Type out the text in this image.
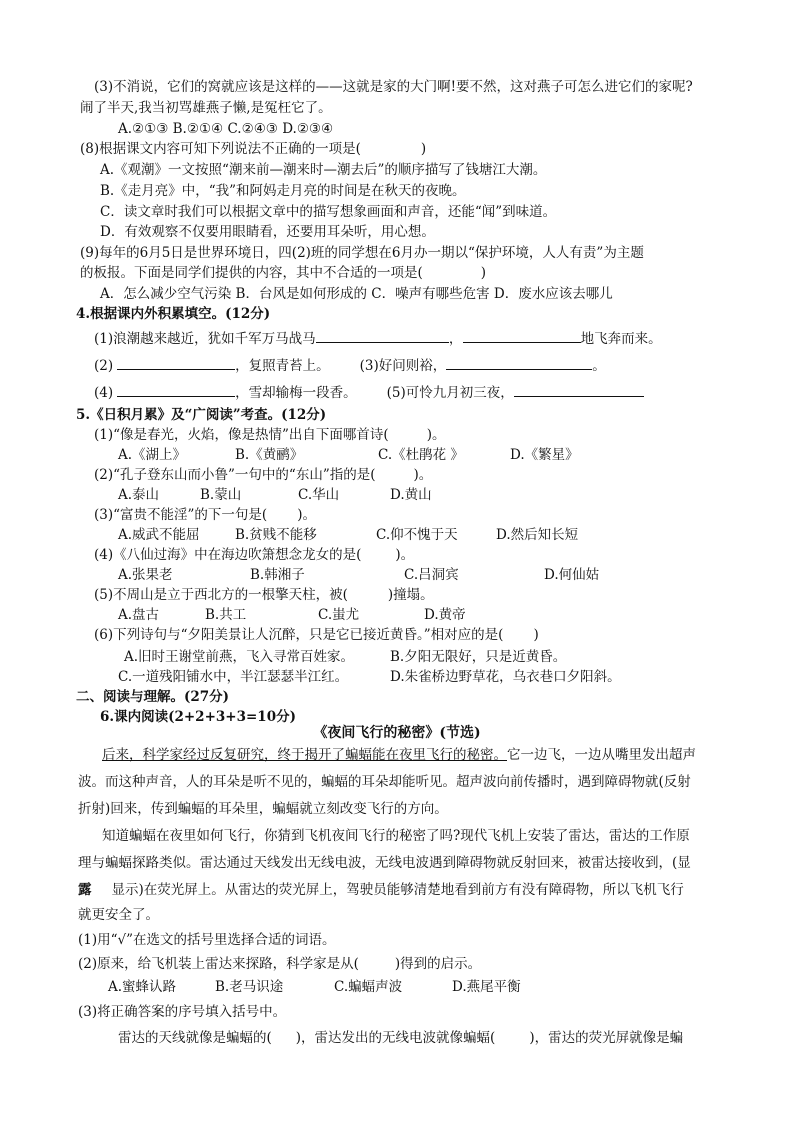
(3)不消说，它们的窝就应该是这样的——这就是家的大门啊!要不然，这对燕子可怎么进它们的家呢?
闹了半天,我当初骂雄燕子懒,是冤枉它了。
A.②①③ B.②①④ C.②④③ D.②③④
(8)根据课文内容可知下列说法不正确的一项是(	)
A.《观潮》一文按照“潮来前—潮来时—潮去后”的顺序描写了钱塘江大潮。
B.《走月亮》中，“我”和阿妈走月亮的时间是在秋天的夜晚。
C．读文章时我们可以根据文章中的描写想象画面和声音，还能“闻”到味道。
D．有效观察不仅要用眼睛看，还要用耳朵听，用心想。
(9)每年的6月5日是世界环境日，四(2)班的同学想在6月办一期以“保护环境，人人有责”为主题
的板报。下面是同学们提供的内容，其中不合适的一项是(	)
A．怎么减少空气污染 B．台风是如何形成的 C．噪声有哪些危害 D．废水应该去哪儿
4.根据课内外积累填空。(12分)
(1)浪潮越来越近，犹如千军万马战马	，	地飞奔而来。
(2)	，复照青苔上。 (3)好问则裕，	。
(4)	，雪却输梅一段香。 (5)可怜九月初三夜，
5.《日积月累》及“广阅读”考查。(12分)
(1)“像是春光，火焰，像是热情”出自下面哪首诗(	)。
A.《湖上》	B.《黄鹂》	C.《杜鹃花 》	D.《繁星》
(2)“孔子登东山而小鲁”一句中的“东山”指的是(	)。
A.泰山	B.蒙山	C.华山	D.黄山
(3)“富贵不能淫”的下一句是( )。
A.威武不能屈	B.贫贱不能移	C.仰不愧于天	D.然后知长短
(4)《八仙过海》中在海边吹箫想念龙女的是(	)。
A.张果老	B.韩湘子	C.吕洞宾	D.何仙姑
(5)不周山是立于西北方的一根擎天柱，被(	)撞塌。
A.盘古	B.共工	C.蚩尤	D.黄帝
(6)下列诗句与“夕阳美景让人沉醉，只是它已接近黄昏。”相对应的是( )
A.旧时王谢堂前燕，飞入寻常百姓家。	B.夕阳无限好，只是近黄昏。
C.一道残阳铺水中，半江瑟瑟半江红。	D.朱雀桥边野草花，乌衣巷口夕阳斜。
二、阅读与理解。(27分)
6.课内阅读(2+2+3+3=10分)
《夜间飞行的秘密》(节选)
后来，科学家经过反复研究，终于揭开了蝙蝠能在夜里飞行的秘密。它一边飞，一边从嘴里发出超声
波。而这种声音，人的耳朵是听不见的，蝙蝠的耳朵却能听见。超声波向前传播时，遇到障碍物就(反射
折射)回来，传到蝙蝠的耳朵里，蝙蝠就立刻改变飞行的方向。
知道蝙蝠在夜里如何飞行，你猜到飞机夜间飞行的秘密了吗?现代飞机上安装了雷达，雷达的工作原
理与蝙蝠探路类似。雷达通过天线发出无线电波，无线电波遇到障碍物就反射回来，被雷达接收到，(显
露 显示)在荧光屏上。从雷达的荧光屏上，驾驶员能够清楚地看到前方有没有障碍物，所以飞机飞行
就更安全了。
(1)用“√”在选文的括号里选择合适的词语。
(2)原来，给飞机装上雷达来探路，科学家是从(	)得到的启示。
A.蜜蜂认路	B.老马识途	C.蝙蝠声波	D.燕尾平衡
(3)将正确答案的序号填入括号中。
雷达的天线就像是蝙蝠的( )，雷达发出的无线电波就像蝙蝠(	)，雷达的荧光屏就像是蝙
